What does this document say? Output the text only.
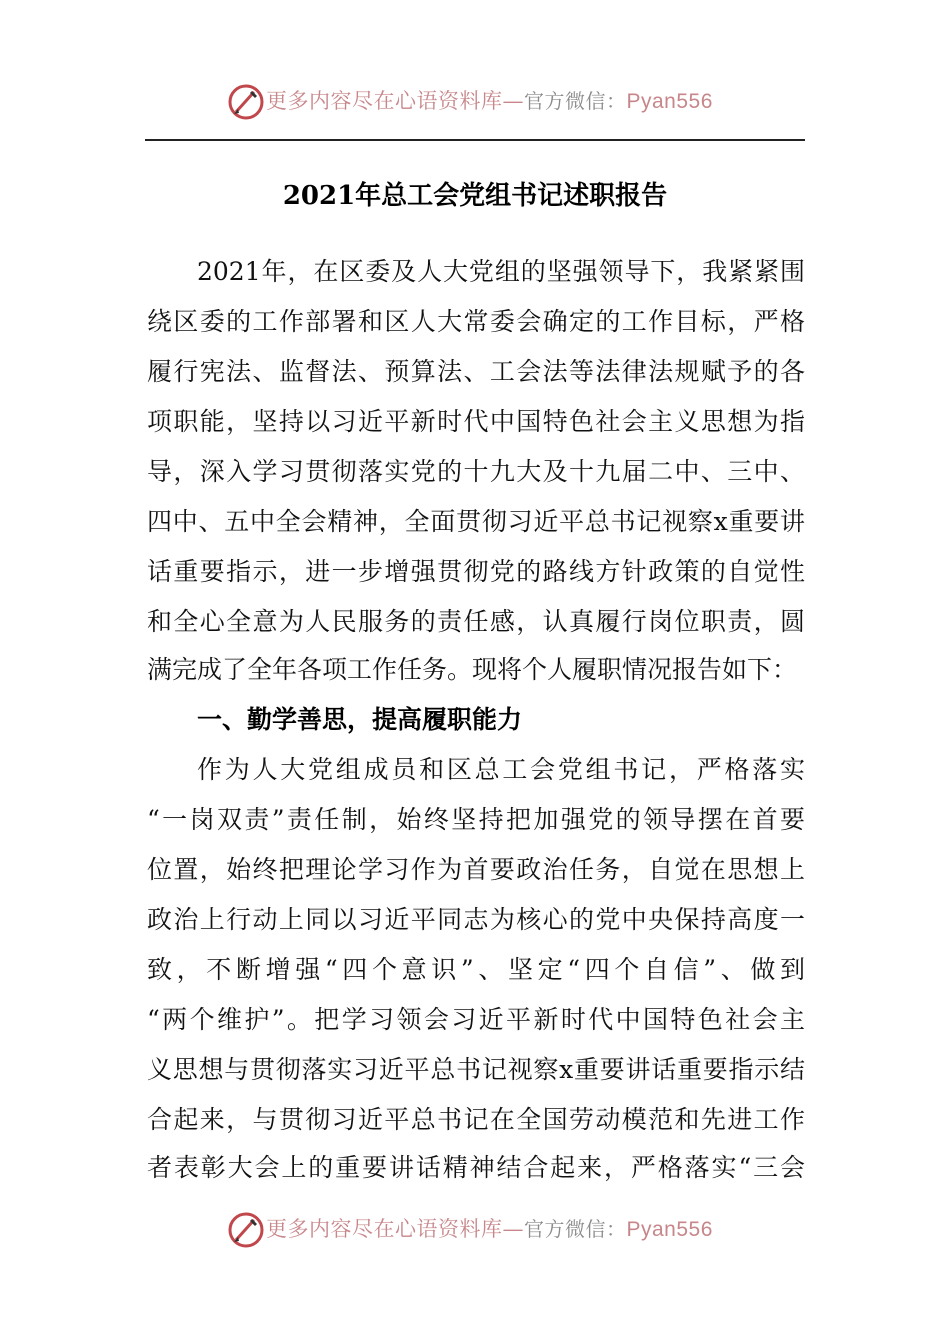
更多内容尽在心语资料库—官方微信：Pyan556
2021年总工会党组书记述职报告
2021年，在区委及人大党组的坚强领导下，我紧紧围
绕区委的工作部署和区人大常委会确定的工作目标，严格
履行宪法、监督法、预算法、工会法等法律法规赋予的各
项职能，坚持以习近平新时代中国特色社会主义思想为指
导，深入学习贯彻落实党的十九大及十九届二中、三中、
四中、五中全会精神，全面贯彻习近平总书记视察x重要讲
话重要指示，进一步增强贯彻党的路线方针政策的自觉性
和全心全意为人民服务的责任感，认真履行岗位职责，圆
满完成了全年各项工作任务。现将个人履职情况报告如下：
一、勤学善思，提高履职能力
作为人大党组成员和区总工会党组书记，严格落实
“一岗双责”责任制，始终坚持把加强党的领导摆在首要
位置，始终把理论学习作为首要政治任务，自觉在思想上
政治上行动上同以习近平同志为核心的党中央保持高度一
致，不断增强“四个意识”、坚定“四个自信”、做到
“两个维护”。把学习领会习近平新时代中国特色社会主
义思想与贯彻落实习近平总书记视察x重要讲话重要指示结
合起来，与贯彻习近平总书记在全国劳动模范和先进工作
者表彰大会上的重要讲话精神结合起来，严格落实“三会
更多内容尽在心语资料库—官方微信：Pyan556
